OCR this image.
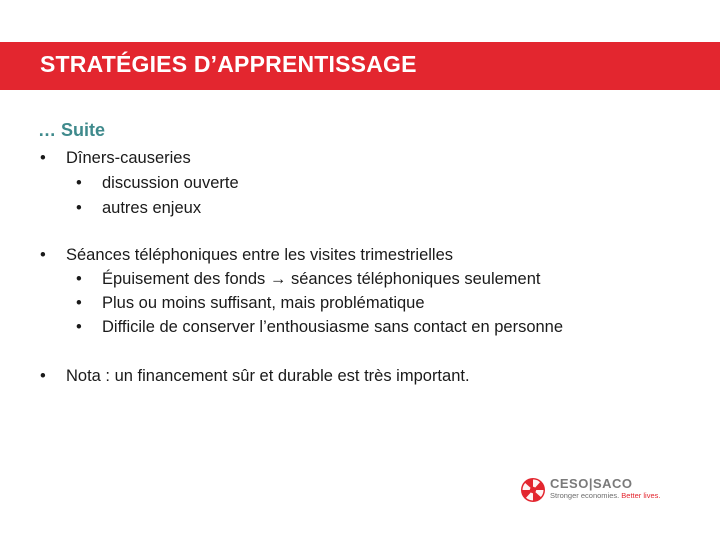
STRATÉGIES D’APPRENTISSAGE
… Suite
• Dîners-causeries
• discussion ouverte
• autres enjeux
• Séances téléphoniques entre les visites trimestrielles
• Épuisement des fonds → séances téléphoniques seulement
• Plus ou moins suffisant, mais problématique
• Difficile de conserver l’enthousiasme sans contact en personne
• Nota : un financement sûr et durable est très important.
CESO|SACO
Stronger economies. Better lives.
